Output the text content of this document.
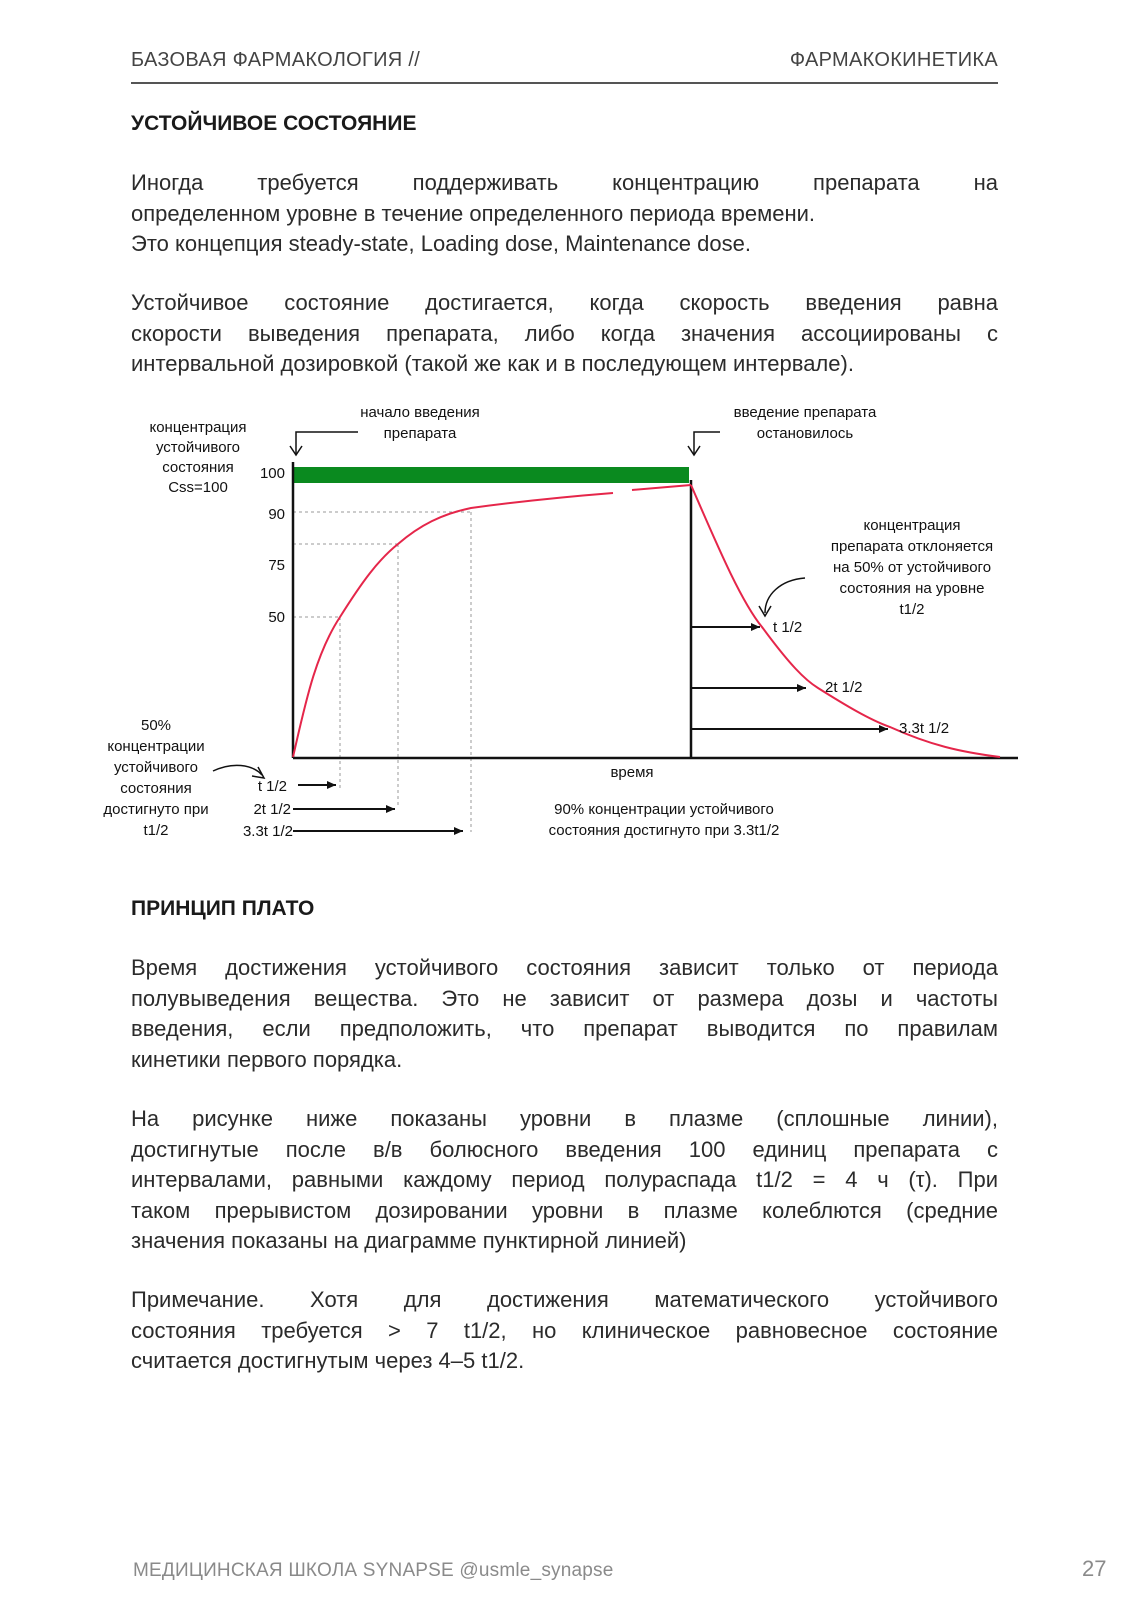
БАЗОВАЯ ФАРМАКОЛОГИЯ //	ФАРМАКОКИНЕТИКА
УСТОЙЧИВОЕ СОСТОЯНИЕ

Иногда требуется поддерживать концентрацию препарата на
определенном уровне в течение определенного периода времени.
Это концепция steady-state, Loading dose, Maintenance dose.

Устойчивое состояние достигается, когда скорость введения равна
скорости выведения препарата, либо когда значения ассоциированы с
интервальной дозировкой (такой же как и в последующем интервале).

100
90
75
50
концентрация
устойчивого
состояния
Css=100
начало введения
препарата
введение препарата
остановилось
концентрация
препарата отклоняется
на 50% от устойчивого
состояния на уровне
t1/2
50%
концентрации
устойчивого
состояния
достигнуто при
t1/2
90% концентрации устойчивого
состояния достигнуто при 3.3t1/2
время
t 1/2
2t 1/2
3.3t 1/2
t 1/2
2t 1/2
3.3t 1/2
ПРИНЦИП ПЛАТО

Время достижения устойчивого состояния зависит только от периода
полувыведения вещества. Это не зависит от размера дозы и частоты
введения, если предположить, что препарат выводится по правилам
кинетики первого порядка.

На рисунке ниже показаны уровни в плазме (сплошные линии),
достигнутые после в/в болюсного введения 100 единиц препарата с
интервалами, равными каждому период полураспада t1/2 = 4 ч (τ). При
таком прерывистом дозировании уровни в плазме колеблются (средние
значения показаны на диаграмме пунктирной линией)

Примечание. Хотя для достижения математического устойчивого
состояния требуется > 7 t1/2, но клиническое равновесное состояние
считается достигнутым через 4–5 t1/2.

МЕДИЦИНСКАЯ ШКОЛА SYNAPSE @usmle_synapse	27
